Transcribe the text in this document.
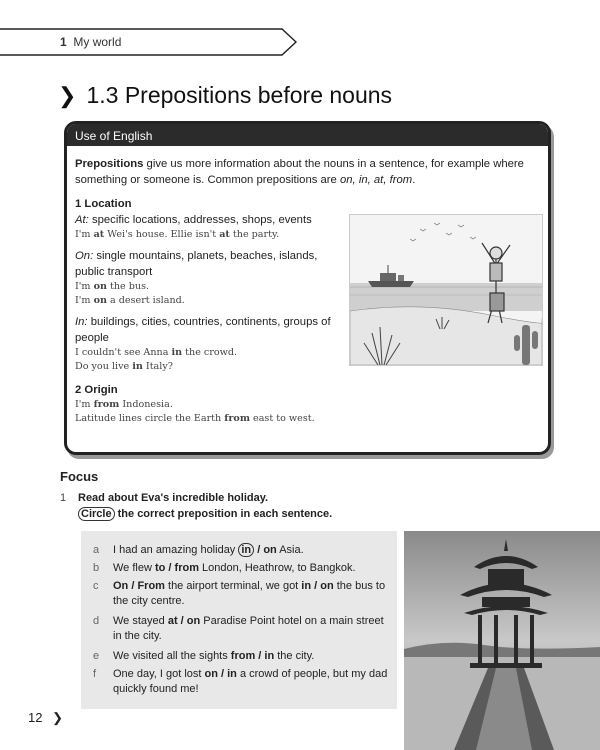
1 My world
❯ 1.3 Prepositions before nouns
Use of English
Prepositions give us more information about the nouns in a sentence, for example where something or someone is. Common prepositions are on, in, at, from.
1 Location
At: specific locations, addresses, shops, events
I'm at Wei's house. Ellie isn't at the party.
On: single mountains, planets, beaches, islands, public transport
I'm on the bus.
I'm on a desert island.
In: buildings, cities, countries, continents, groups of people
I couldn't see Anna in the crowd.
Do you live in Italy?
2 Origin
I'm from Indonesia.
Latitude lines circle the Earth from east to west.
Focus
1 Read about Eva's incredible holiday.
Circle the correct preposition in each sentence.
a	I had an amazing holiday in / on Asia.
b	We flew to / from London, Heathrow, to Bangkok.
c	On / From the airport terminal, we got in / on the bus to the city centre.
d	We stayed at / on Paradise Point hotel on a main street in the city.
e	We visited all the sights from / in the city.
f	One day, I got lost on / in a crowd of people, but my dad quickly found me!
12 ❯
